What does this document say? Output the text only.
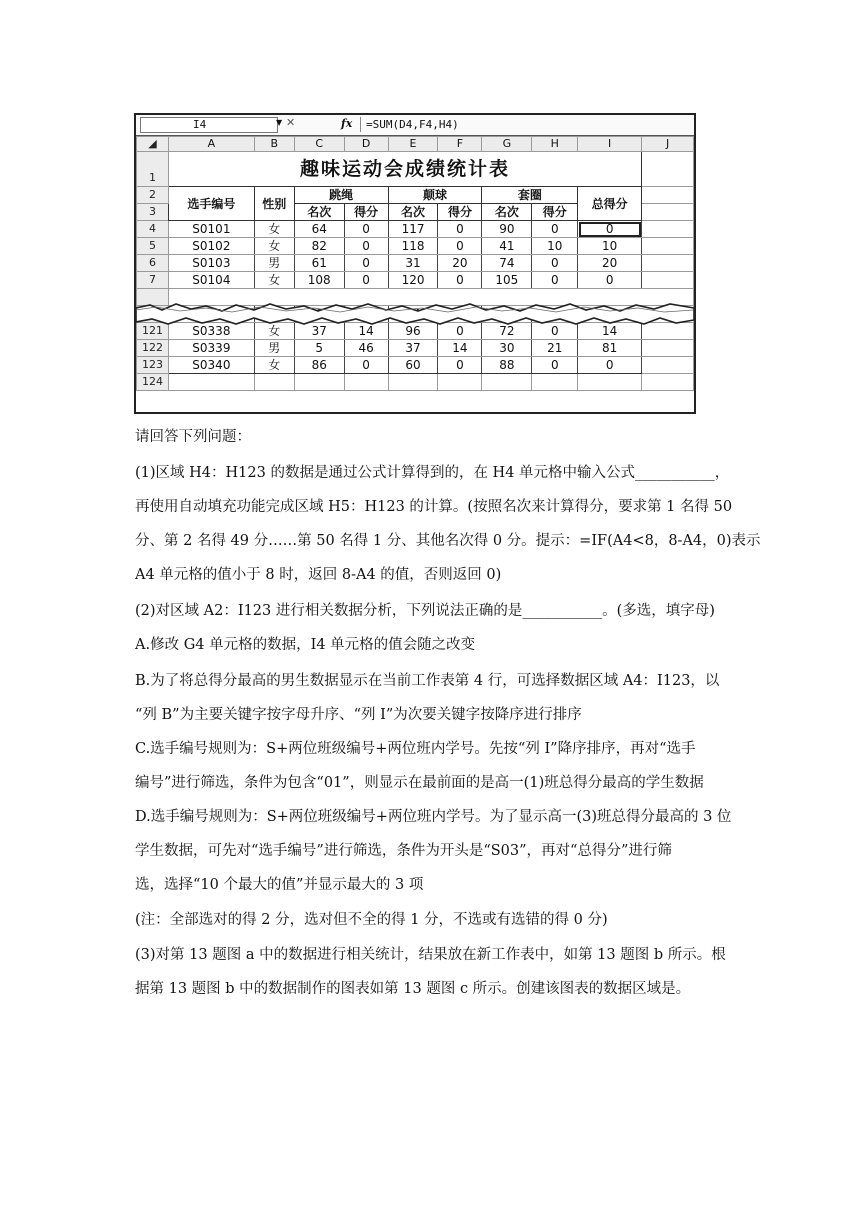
I4	▼ ✕	fx =SUM(D4,F4,H4)
◢	A	B	C	D	E	F	G	H	I	J
1	趣味运动会成绩统计表									
2	选手编号	性别	跳绳		颠球		套圈		总得分	
3			名次	得分	名次	得分	名次	得分		
4	S0101	女	64	0	117	0	90	0	0	
5	S0102	女	82	0	118	0	41	10	10	
6	S0103	男	61	0	31	20	74	0	20	
7	S0104	女	108	0	120	0	105	0	0	

121	S0338	女	37	14	96	0	72	0	14	
122	S0339	男	5	46	37	14	30	21	81	
123	S0340	女	86	0	60	0	88	0	0	
124										
请回答下列问题：
(1)区域 H4：H123 的数据是通过公式计算得到的，在 H4 单元格中输入公式___________，
再使用自动填充功能完成区域 H5：H123 的计算。(按照名次来计算得分，要求第 1 名得 50
分、第 2 名得 49 分……第 50 名得 1 分、其他名次得 0 分。提示：=IF(A4<8，8-A4，0)表示
A4 单元格的值小于 8 时，返回 8-A4 的值，否则返回 0)
(2)对区域 A2：I123 进行相关数据分析，下列说法正确的是___________。(多选，填字母)
A.修改 G4 单元格的数据，I4 单元格的值会随之改变
B.为了将总得分最高的男生数据显示在当前工作表第 4 行，可选择数据区域 A4：I123，以
“列 B”为主要关键字按字母升序、“列 I”为次要关键字按降序进行排序
C.选手编号规则为：S+两位班级编号+两位班内学号。先按“列 I”降序排序，再对“选手
编号”进行筛选，条件为包含“01”，则显示在最前面的是高一(1)班总得分最高的学生数据
D.选手编号规则为：S+两位班级编号+两位班内学号。为了显示高一(3)班总得分最高的 3 位
学生数据，可先对“选手编号”进行筛选，条件为开头是“S03”，再对“总得分”进行筛
选，选择“10 个最大的值”并显示最大的 3 项
(注：全部选对的得 2 分，选对但不全的得 1 分，不选或有选错的得 0 分)
(3)对第 13 题图 a 中的数据进行相关统计，结果放在新工作表中，如第 13 题图 b 所示。根
据第 13 题图 b 中的数据制作的图表如第 13 题图 c 所示。创建该图表的数据区域是。
